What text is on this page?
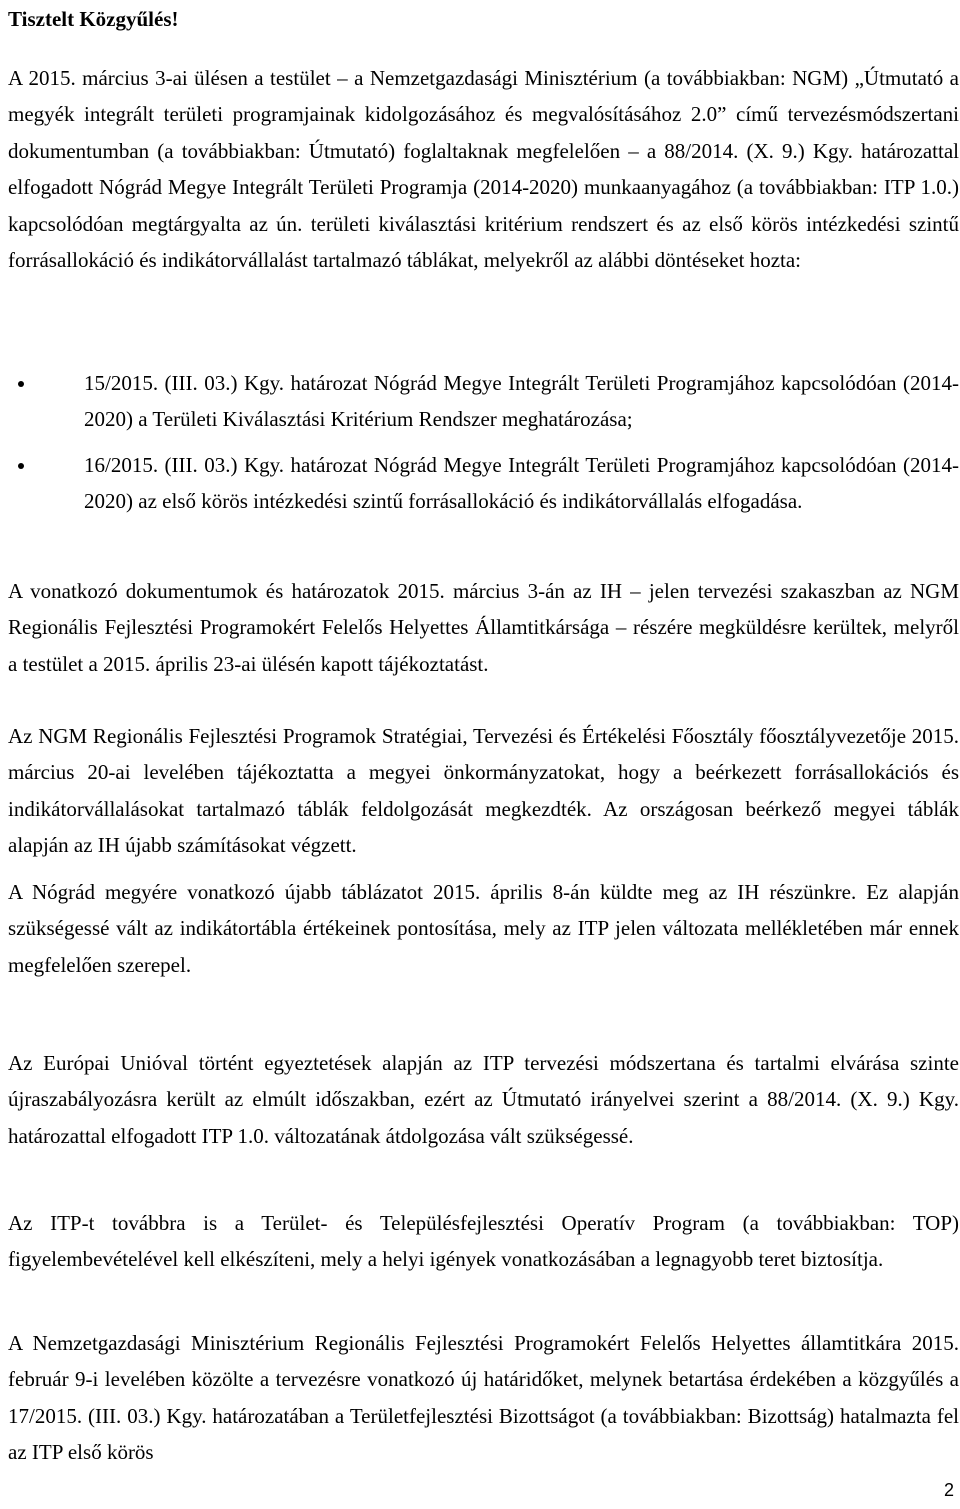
Tisztelt Közgyűlés!

A 2015. március 3-ai ülésen a testület – a Nemzetgazdasági Minisztérium (a továbbiakban: NGM) „Útmutató a megyék integrált területi programjainak kidolgozásához és megvalósításához 2.0” című tervezésmódszertani dokumentumban (a továbbiakban: Útmutató) foglaltaknak megfelelően – a 88/2014. (X. 9.) Kgy. határozattal elfogadott Nógrád Megye Integrált Területi Programja (2014-2020) munkaanyagához (a továbbiakban: ITP 1.0.) kapcsolódóan megtárgyalta az ún. területi kiválasztási kritérium rendszert és az első körös intézkedési szintű forrásallokáció és indikátorvállalást tartalmazó táblákat, melyekről az alábbi döntéseket hozta:

15/2015. (III. 03.) Kgy. határozat Nógrád Megye Integrált Területi Programjához kapcsolódóan (2014-2020) a Területi Kiválasztási Kritérium Rendszer meghatározása;
16/2015. (III. 03.) Kgy. határozat Nógrád Megye Integrált Területi Programjához kapcsolódóan (2014-2020) az első körös intézkedési szintű forrásallokáció és indikátorvállalás elfogadása.

A vonatkozó dokumentumok és határozatok 2015. március 3-án az IH – jelen tervezési szakaszban az NGM Regionális Fejlesztési Programokért Felelős Helyettes Államtitkársága – részére megküldésre kerültek, melyről a testület a 2015. április 23-ai ülésén kapott tájékoztatást.

Az NGM Regionális Fejlesztési Programok Stratégiai, Tervezési és Értékelési Főosztály főosztályvezetője 2015. március 20-ai levelében tájékoztatta a megyei önkormányzatokat, hogy a beérkezett forrásallokációs és indikátorvállalásokat tartalmazó táblák feldolgozását megkezdték. Az országosan beérkező megyei táblák alapján az IH újabb számításokat végzett.

A Nógrád megyére vonatkozó újabb táblázatot 2015. április 8-án küldte meg az IH részünkre. Ez alapján szükségessé vált az indikátortábla értékeinek pontosítása, mely az ITP jelen változata mellékletében már ennek megfelelően szerepel.

Az Európai Unióval történt egyeztetések alapján az ITP tervezési módszertana és tartalmi elvárása szinte újraszabályozásra került az elmúlt időszakban, ezért az Útmutató irányelvei szerint a 88/2014. (X. 9.) Kgy. határozattal elfogadott ITP 1.0. változatának átdolgozása vált szükségessé.

Az ITP-t továbbra is a Terület- és Településfejlesztési Operatív Program (a továbbiakban: TOP) figyelembevételével kell elkészíteni, mely a helyi igények vonatkozásában a legnagyobb teret biztosítja.

A Nemzetgazdasági Minisztérium Regionális Fejlesztési Programokért Felelős Helyettes államtitkára 2015. február 9-i levelében közölte a tervezésre vonatkozó új határidőket, melynek betartása érdekében a közgyűlés a 17/2015. (III. 03.) Kgy. határozatában a Területfejlesztési Bizottságot (a továbbiakban: Bizottság) hatalmazta fel az ITP első körös

2
